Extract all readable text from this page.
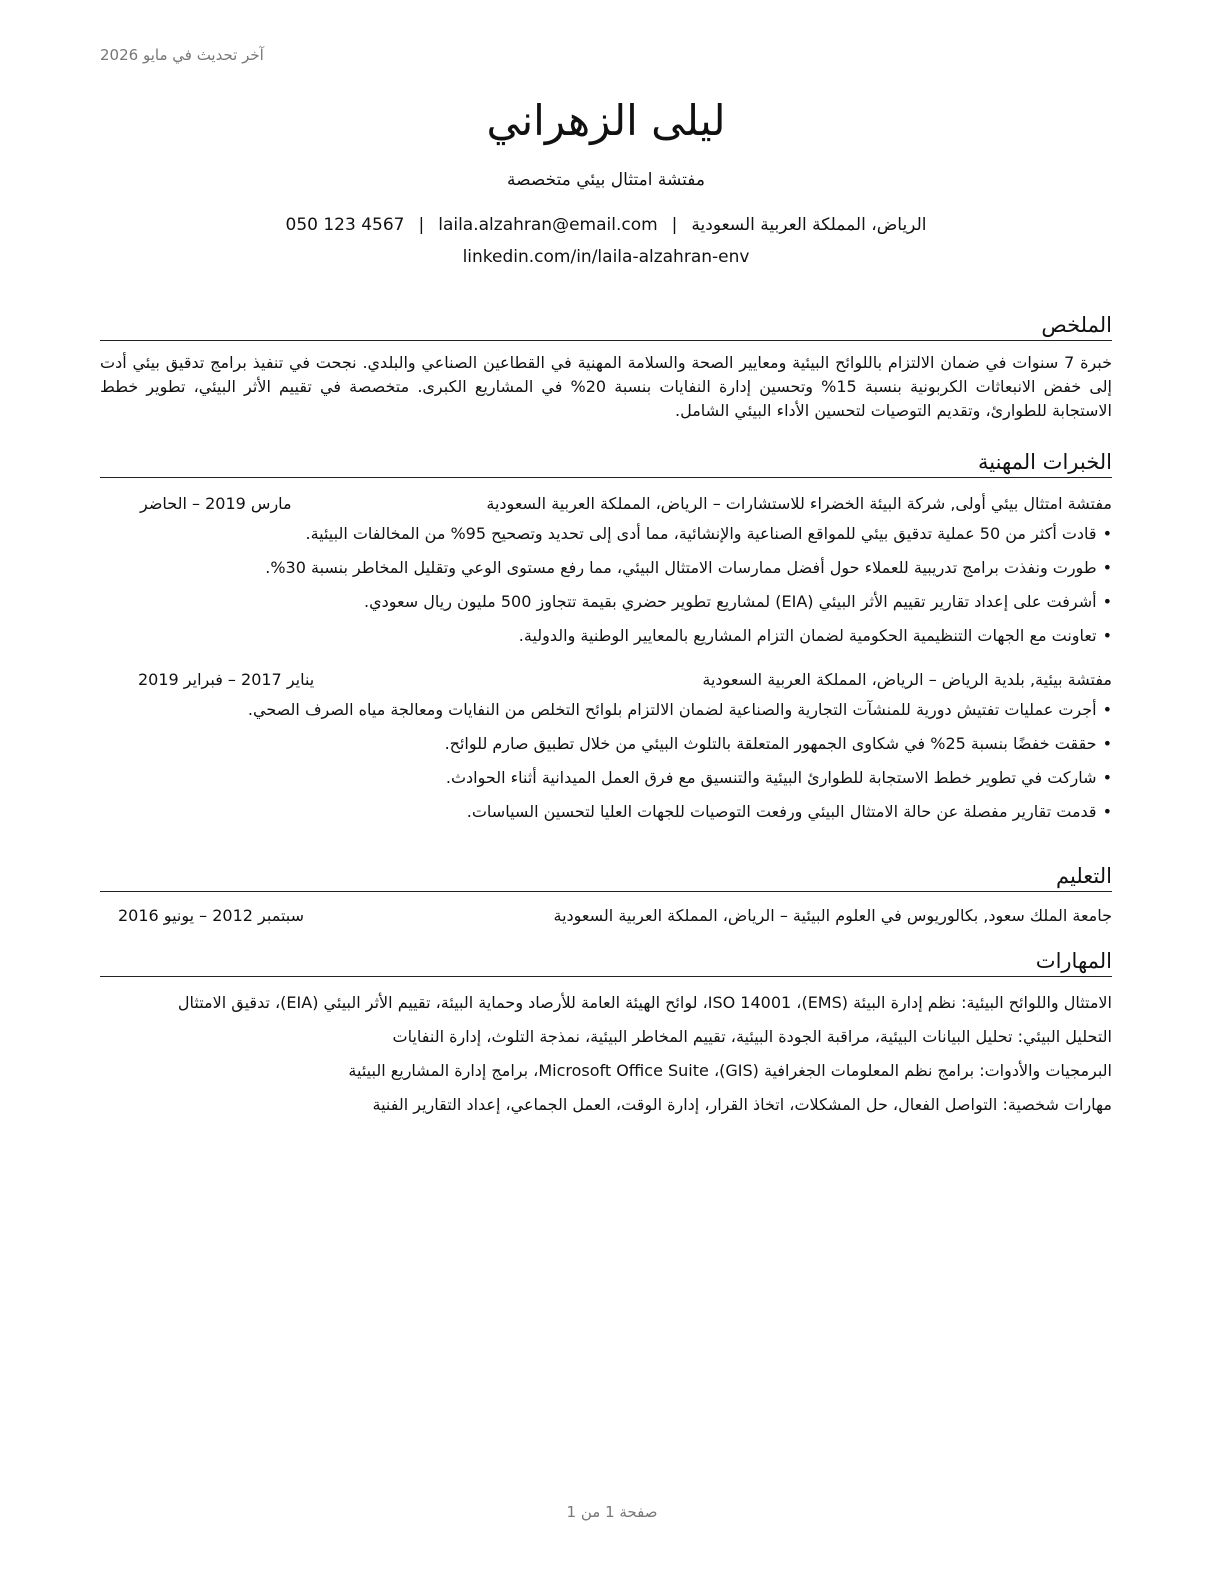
آخر تحديث في مايو 2026
ليلى الزهراني
مفتشة امتثال بيئي متخصصة
الرياض، المملكة العربية السعودية|laila.alzahran@email.com|050 123 4567
linkedin.com/in/laila-alzahran-env
الملخص
خبرة 7 سنوات في ضمان الالتزام باللوائح البيئية ومعايير الصحة والسلامة المهنية في القطاعين الصناعي والبلدي. نجحت في تنفيذ برامج تدقيق بيئي أدت إلى خفض الانبعاثات الكربونية بنسبة 15% وتحسين إدارة النفايات بنسبة 20% في المشاريع الكبرى. متخصصة في تقييم الأثر البيئي، تطوير خطط الاستجابة للطوارئ، وتقديم التوصيات لتحسين الأداء البيئي الشامل.
الخبرات المهنية
مفتشة امتثال بيئي أولى, شركة البيئة الخضراء للاستشارات – الرياض، المملكة العربية السعودية
مارس 2019 – الحاضر
•قادت أكثر من 50 عملية تدقيق بيئي للمواقع الصناعية والإنشائية، مما أدى إلى تحديد وتصحيح 95% من المخالفات البيئية.
•طورت ونفذت برامج تدريبية للعملاء حول أفضل ممارسات الامتثال البيئي، مما رفع مستوى الوعي وتقليل المخاطر بنسبة 30%.
•أشرفت على إعداد تقارير تقييم الأثر البيئي (EIA) لمشاريع تطوير حضري بقيمة تتجاوز 500 مليون ريال سعودي.
•تعاونت مع الجهات التنظيمية الحكومية لضمان التزام المشاريع بالمعايير الوطنية والدولية.
مفتشة بيئية, بلدية الرياض – الرياض، المملكة العربية السعودية
يناير 2017 – فبراير 2019
•أجرت عمليات تفتيش دورية للمنشآت التجارية والصناعية لضمان الالتزام بلوائح التخلص من النفايات ومعالجة مياه الصرف الصحي.
•حققت خفضًا بنسبة 25% في شكاوى الجمهور المتعلقة بالتلوث البيئي من خلال تطبيق صارم للوائح.
•شاركت في تطوير خطط الاستجابة للطوارئ البيئية والتنسيق مع فرق العمل الميدانية أثناء الحوادث.
•قدمت تقارير مفصلة عن حالة الامتثال البيئي ورفعت التوصيات للجهات العليا لتحسين السياسات.
التعليم
جامعة الملك سعود, بكالوريوس في العلوم البيئية – الرياض، المملكة العربية السعودية
سبتمبر 2012 – يونيو 2016
المهارات
الامتثال واللوائح البيئية: نظم إدارة البيئة (EMS)، ISO 14001، لوائح الهيئة العامة للأرصاد وحماية البيئة، تقييم الأثر البيئي (EIA)، تدقيق الامتثال
التحليل البيئي: تحليل البيانات البيئية، مراقبة الجودة البيئية، تقييم المخاطر البيئية، نمذجة التلوث، إدارة النفايات
البرمجيات والأدوات: برامج نظم المعلومات الجغرافية (GIS)، Microsoft Office Suite، برامج إدارة المشاريع البيئية
مهارات شخصية: التواصل الفعال، حل المشكلات، اتخاذ القرار، إدارة الوقت، العمل الجماعي، إعداد التقارير الفنية
صفحة 1 من 1
